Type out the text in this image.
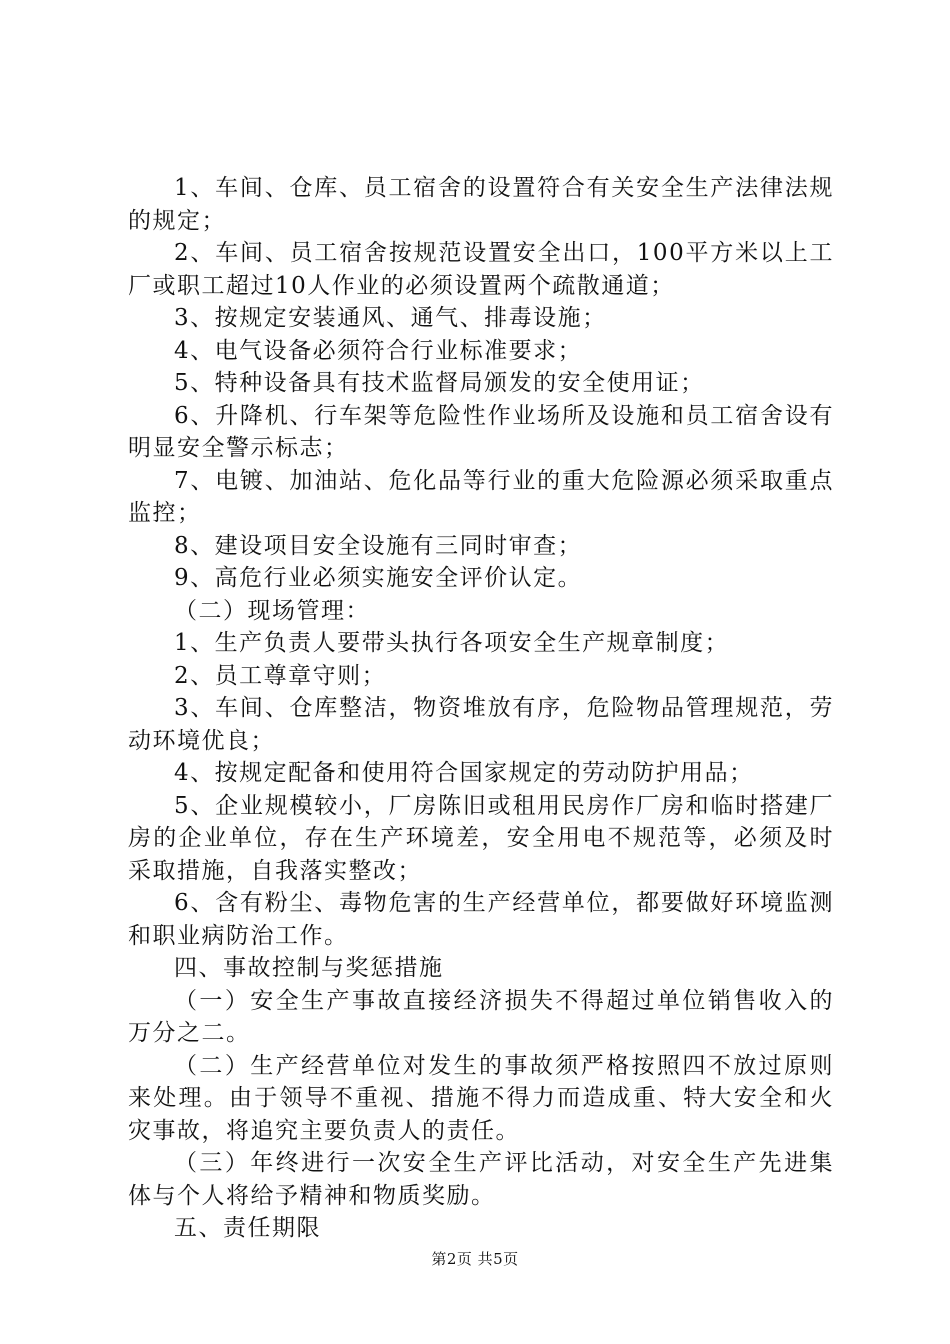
1、车间、仓库、员工宿舍的设置符合有关安全生产法律法规的规定；

2、车间、员工宿舍按规范设置安全出口，100平方米以上工厂或职工超过10人作业的必须设置两个疏散通道；

3、按规定安装通风、通气、排毒设施；

4、电气设备必须符合行业标准要求；

5、特种设备具有技术监督局颁发的安全使用证；

6、升降机、行车架等危险性作业场所及设施和员工宿舍设有明显安全警示标志；

7、电镀、加油站、危化品等行业的重大危险源必须采取重点监控；

8、建设项目安全设施有三同时审查；

9、高危行业必须实施安全评价认定。

（二）现场管理：

1、生产负责人要带头执行各项安全生产规章制度；

2、员工尊章守则；

3、车间、仓库整洁，物资堆放有序，危险物品管理规范，劳动环境优良；

4、按规定配备和使用符合国家规定的劳动防护用品；

5、企业规模较小，厂房陈旧或租用民房作厂房和临时搭建厂房的企业单位，存在生产环境差，安全用电不规范等，必须及时采取措施，自我落实整改；

6、含有粉尘、毒物危害的生产经营单位，都要做好环境监测和职业病防治工作。

四、事故控制与奖惩措施

（一）安全生产事故直接经济损失不得超过单位销售收入的万分之二。

（二）生产经营单位对发生的事故须严格按照四不放过原则来处理。由于领导不重视、措施不得力而造成重、特大安全和火灾事故，将追究主要负责人的责任。

（三）年终进行一次安全生产评比活动，对安全生产先进集体与个人将给予精神和物质奖励。

五、责任期限

第2页 共5页
